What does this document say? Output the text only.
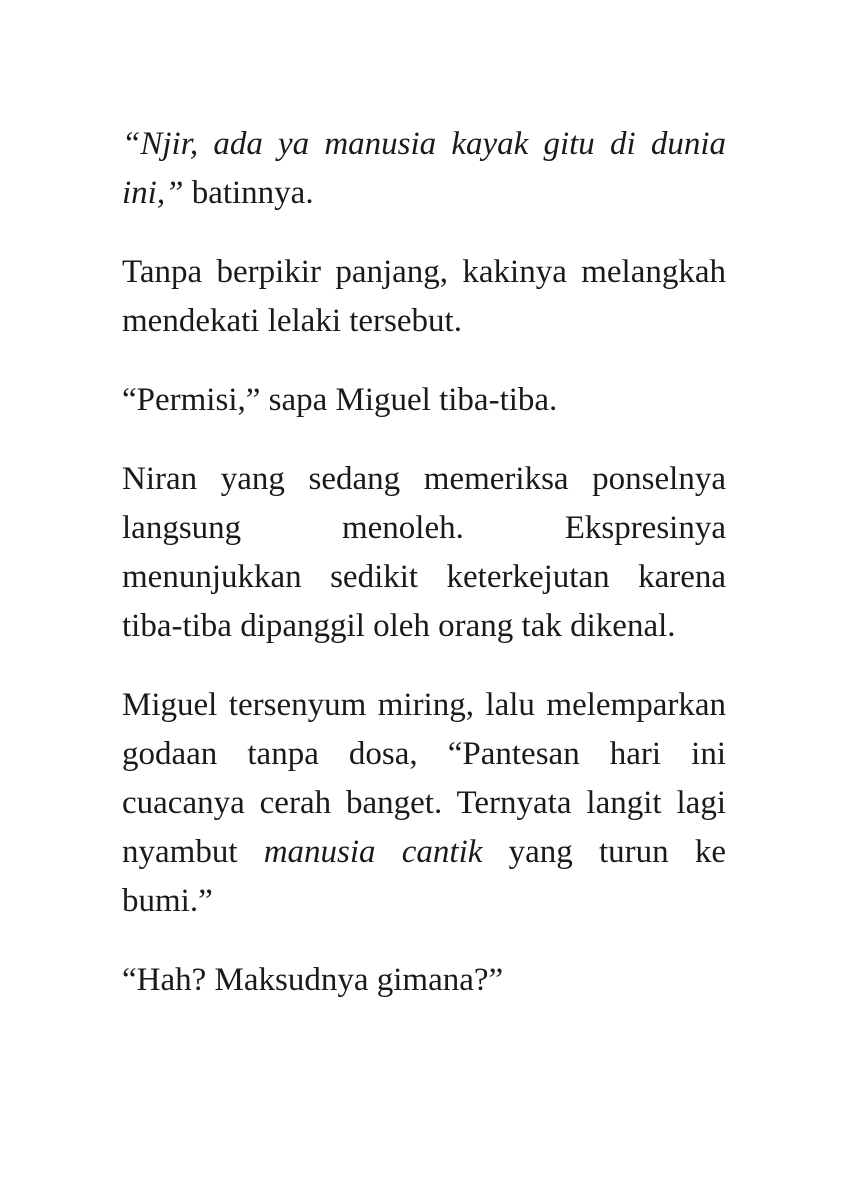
“Njir, ada ya manusia kayak gitu di dunia ini,” batinnya.

Tanpa berpikir panjang, kakinya melangkah mendekati lelaki tersebut.

“Permisi,” sapa Miguel tiba-tiba.

Niran yang sedang memeriksa ponselnya langsung menoleh. Ekspresinya menunjukkan sedikit keterkejutan karena tiba-tiba dipanggil oleh orang tak dikenal.

Miguel tersenyum miring, lalu melemparkan godaan tanpa dosa, “Pantesan hari ini cuacanya cerah banget. Ternyata langit lagi nyambut manusia cantik yang turun ke bumi.”

“Hah? Maksudnya gimana?”
